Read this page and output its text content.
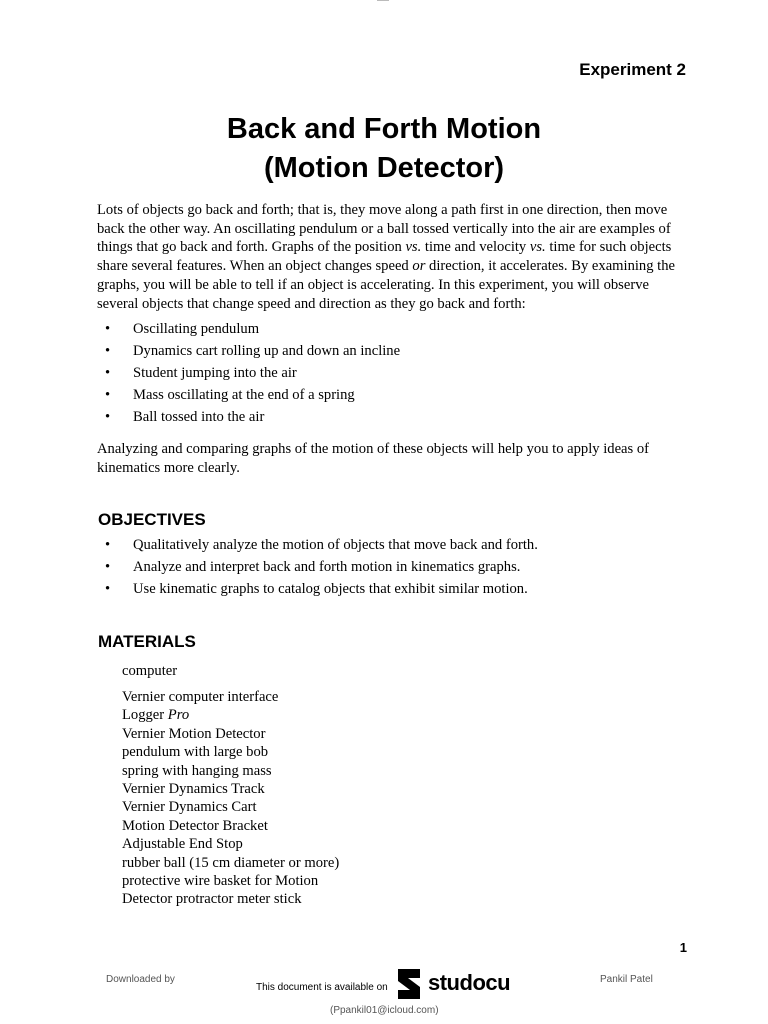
Experiment 2
Back and Forth Motion
(Motion Detector)

Lots of objects go back and forth; that is, they move along a path first in one direction, then move back the other way. An oscillating pendulum or a ball tossed vertically into the air are examples of things that go back and forth. Graphs of the position vs. time and velocity vs. time for such objects share several features. When an object changes speed or direction, it accelerates. By examining the graphs, you will be able to tell if an object is accelerating. In this experiment, you will observe several objects that change speed and direction as they go back and forth:

• Oscillating pendulum
• Dynamics cart rolling up and down an incline
• Student jumping into the air
• Mass oscillating at the end of a spring
• Ball tossed into the air

Analyzing and comparing graphs of the motion of these objects will help you to apply ideas of kinematics more clearly.

OBJECTIVES
• Qualitatively analyze the motion of objects that move back and forth.
• Analyze and interpret back and forth motion in kinematics graphs.
• Use kinematic graphs to catalog objects that exhibit similar motion.
MATERIALS
computer
Vernier computer interface
Logger Pro
Vernier Motion Detector
pendulum with large bob
spring with hanging mass
Vernier Dynamics Track
Vernier Dynamics Cart
Motion Detector Bracket
Adjustable End Stop
rubber ball (15 cm diameter or more)
protective wire basket for Motion
Detector protractor meter stick
1
Downloaded by
This document is available on studocu	Pankil Patel
(Ppankil01@icloud.com)
